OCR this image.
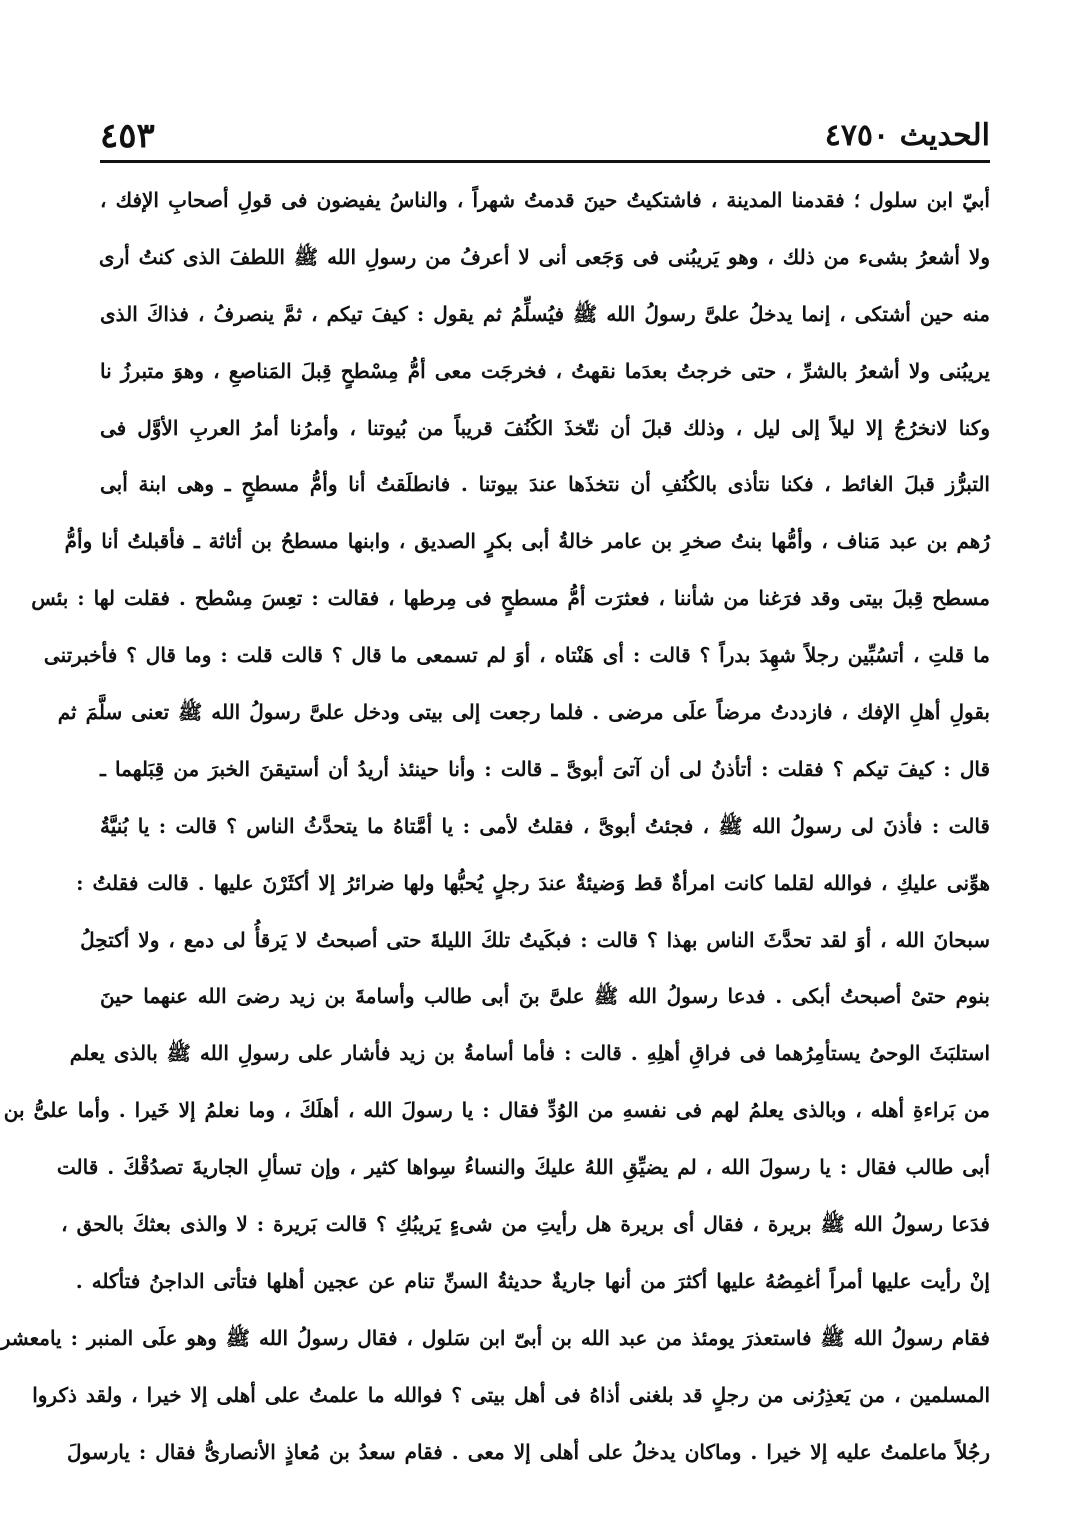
الحديث ٤٧٥٠
٤٥٣
أبيّ ابن سلول ؛ فقدمنا المدينة ، فاشتكيتُ حينَ قدمتُ شهراً ، والناسُ يفيضون فى قولِ أصحابِ الإفك ،
ولا أشعرُ بشىء من ذلك ، وهو يَريبُنى فى وَجَعى أنى لا أعرفُ من رسولِ الله ﷺ اللطفَ الذى كنتُ أرى
منه حين أشتكى ، إنما يدخلُ علىَّ رسولُ الله ﷺ فيُسلِّمُ ثم يقول : كيفَ تيكم ، ثمَّ ينصرفُ ، فذاكَ الذى
يريبُنى ولا أشعرُ بالشرِّ ، حتى خرجتُ بعدَما نقهتُ ، فخرجَت معى أمُّ مِسْطحٍ قِبلَ المَناصعِ ، وهوَ متبرزُ نا
وكنا لانخرُجُ إلا ليلاً إلى ليل ، وذلك قبلَ أن نتّخذَ الكُنُفَ قريباً من بُيوتنا ، وأمرُنا أمرُ العربِ الأوَّل فى
التبرُّز قبلَ الغائط ، فكنا نتأذى بالكُنُفِ أن نتخذَها عندَ بيوتنا . فانطلَقتُ أنا وأمُّ مسطحٍ ـ وهى ابنة أبى
رُهم بن عبد مَناف ، وأمُّها بنتُ صخرِ بن عامر خالةُ أبى بكرٍ الصديق ، وابنها مسطحُ بن أثاثة ـ فأقبلتُ أنا وأمُّ
مسطح قِبلَ بيتى وقد فرَغنا من شأننا ، فعثرَت أمُّ مسطحٍ فى مِرطها ، فقالت : تعِسَ مِسْطح . فقلت لها : بئس
ما قلتِ ، أتسُبِّين رجلاً شهِدَ بدراً ؟ قالت : أى هَنْتاه ، أوَ لم تسمعى ما قال ؟ قالت قلت : وما قال ؟ فأخبرتنى
بقولِ أهلِ الإفك ، فازددتُ مرضاً علَى مرضى . فلما رجعت إلى بيتى ودخل علىَّ رسولُ الله ﷺ تعنى سلَّمَ ثم
قال : كيفَ تيكم ؟ فقلت : أتأذنُ لى أن آتىَ أبوىَّ ـ قالت : وأنا حينئذ أريدُ أن أستيقنَ الخبرَ من قِبَلهما ـ
قالت : فأذنَ لى رسولُ الله ﷺ ، فجئتُ أبوىَّ ، فقلتُ لأمى : يا أمَّتاهُ ما يتحدَّثُ الناس ؟ قالت : يا بُنيَّةُ
هوِّنى عليكِ ، فوالله لقلما كانت امرأةٌ قط وَضيئةٌ عندَ رجلٍ يُحبُّها ولها ضرائرُ إلا أكثَرْنَ عليها . قالت فقلتُ :
سبحانَ الله ، أوَ لقد تحدَّثَ الناس بهذا ؟ قالت : فبكَيتُ تلكَ الليلةَ حتى أصبحتُ لا يَرقأُ لى دمع ، ولا أكتحِلُ
بنوم حتىْ أصبحتُ أبكى . فدعا رسولُ الله ﷺ علىَّ بنَ أبى طالب وأسامةَ بن زيد رضىَ الله عنهما حينَ
استلبَثَ الوحىُ يستأمِرُهما فى فراقِ أهلِهِ . قالت : فأما أسامةُ بن زيد فأشار على رسولِ الله ﷺ بالذى يعلم
من بَراءةِ أهله ، وبالذى يعلمُ لهم فى نفسهِ من الوُدِّ فقال : يا رسولَ الله ، أهلَكَ ، وما نعلمُ إلا خَيرا . وأما علىُّ بن
أبى طالب فقال : يا رسولَ الله ، لم يضيِّقِ اللهُ عليكَ والنساءُ سِواها كثير ، وإن تسألِ الجاريةَ تصدُقْكَ . قالت
فدَعا رسولُ الله ﷺ بريرة ، فقال أى بريرة هل رأيتِ من شىءٍ يَريبُكِ ؟ قالت بَريرة : لا والذى بعثكَ بالحق ،
إنْ رأيت عليها أمراً أغمِصُهُ عليها أكثرَ من أنها جاريةٌ حديثةُ السنِّ تنام عن عجين أهلها فتأتى الداجنُ فتأكله .
فقام رسولُ الله ﷺ فاستعذرَ يومئذ من عبد الله بن أبىّ ابن سَلول ، فقال رسولُ الله ﷺ وهو علَى المنبر : يامعشر
المسلمين ، من يَعذِرُنى من رجلٍ قد بلغنى أذاهُ فى أهل بيتى ؟ فوالله ما علمتُ على أهلى إلا خيرا ، ولقد ذكروا
رجُلاً ماعلمتُ عليه إلا خيرا . وماكان يدخلُ على أهلى إلا معى . فقام سعدُ بن مُعاذٍ الأنصارىُّ فقال : يارسولَ
